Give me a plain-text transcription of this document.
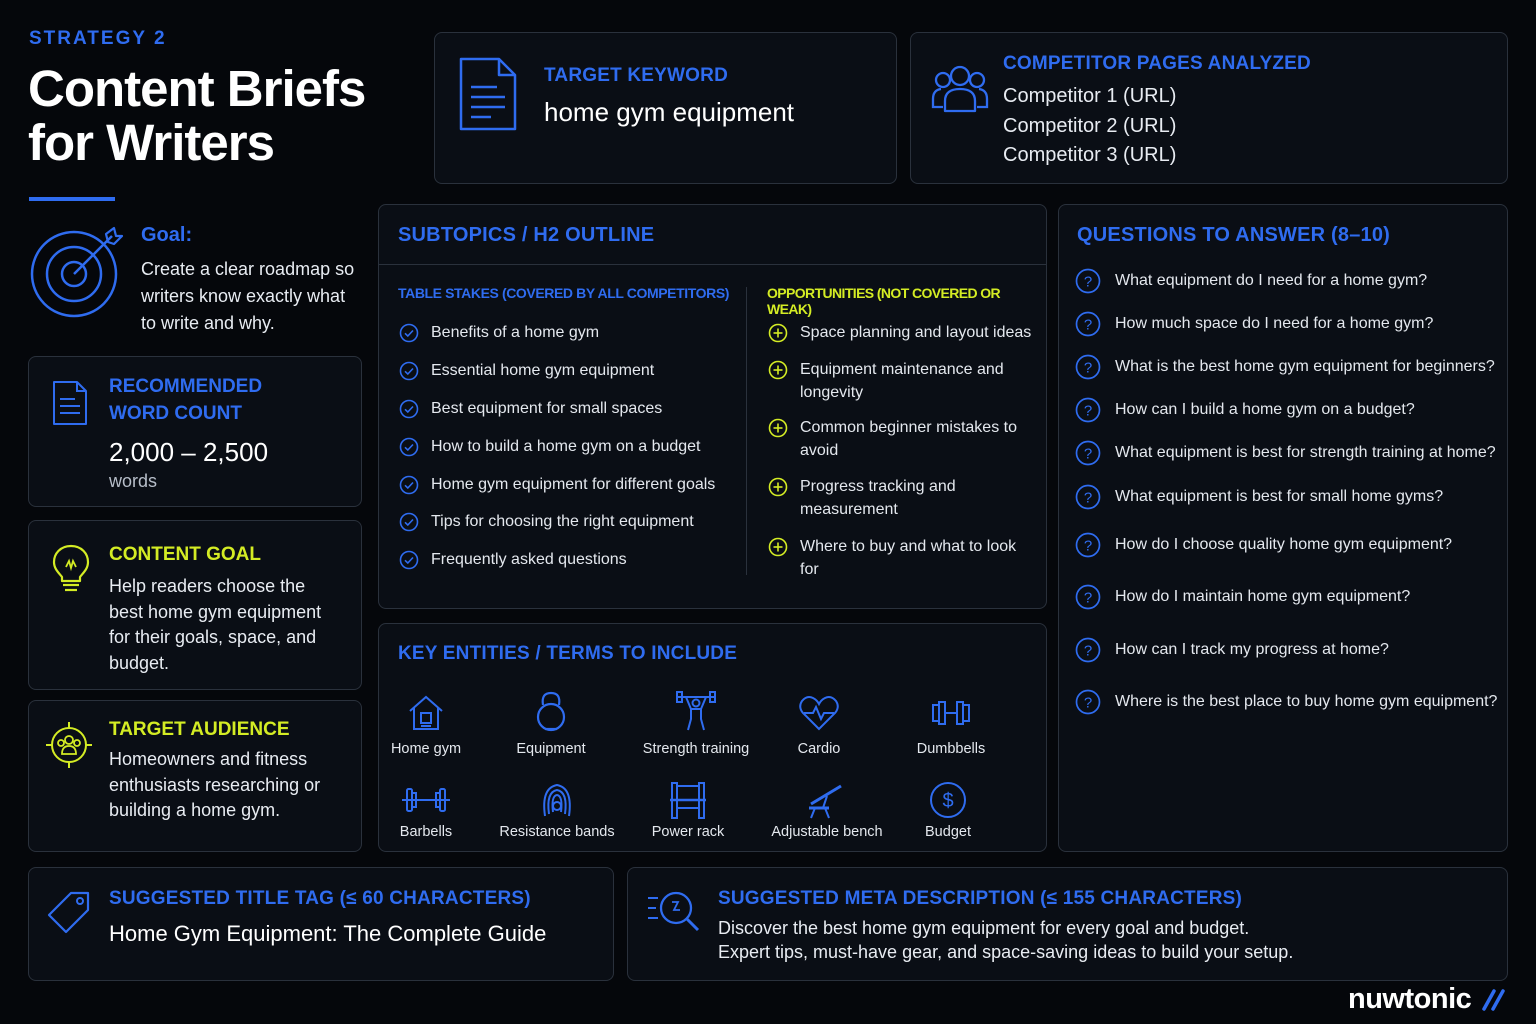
STRATEGY 2
Content Briefs for Writers
Goal:
Create a clear roadmap so writers know exactly what to write and why.
TARGET KEYWORD
home gym equipment
COMPETITOR PAGES ANALYZED
Competitor 1 (URL)
Competitor 2 (URL)
Competitor 3 (URL)
RECOMMENDED
WORD COUNT
2,000 – 2,500
words
CONTENT GOAL
Help readers choose the best home gym equipment for their goals, space, and budget.
TARGET AUDIENCE
Homeowners and fitness enthusiasts researching or building a home gym.
SUBTOPICS / H2 OUTLINE
TABLE STAKES (COVERED BY ALL COMPETITORS)	OPPORTUNITIES (NOT COVERED OR WEAK)
Benefits of a home gym
Essential home gym equipment
Best equipment for small spaces
How to build a home gym on a budget
Home gym equipment for different goals
Tips for choosing the right equipment
Frequently asked questions
Space planning and layout ideas
Equipment maintenance and longevity
Common beginner mistakes to avoid
Progress tracking and measurement
Where to buy and what to look for
QUESTIONS TO ANSWER (8–10)
? What equipment do I need for a home gym?
? How much space do I need for a home gym?
? What is the best home gym equipment for beginners?
? How can I build a home gym on a budget?
? What equipment is best for strength training at home?
? What equipment is best for small home gyms?
? How do I choose quality home gym equipment?
? How do I maintain home gym equipment?
? How can I track my progress at home?
? Where is the best place to buy home gym equipment?
KEY ENTITIES / TERMS TO INCLUDE
Home gym	Equipment	Strength training	Cardio	Dumbbells
Barbells	Resistance bands	Power rack	Adjustable bench
$
Budget
SUGGESTED TITLE TAG (≤ 60 CHARACTERS)
Home Gym Equipment: The Complete Guide
SUGGESTED META DESCRIPTION (≤ 155 CHARACTERS)
Discover the best home gym equipment for every goal and budget.
Expert tips, must-have gear, and space-saving ideas to build your setup.
nuwtonic
